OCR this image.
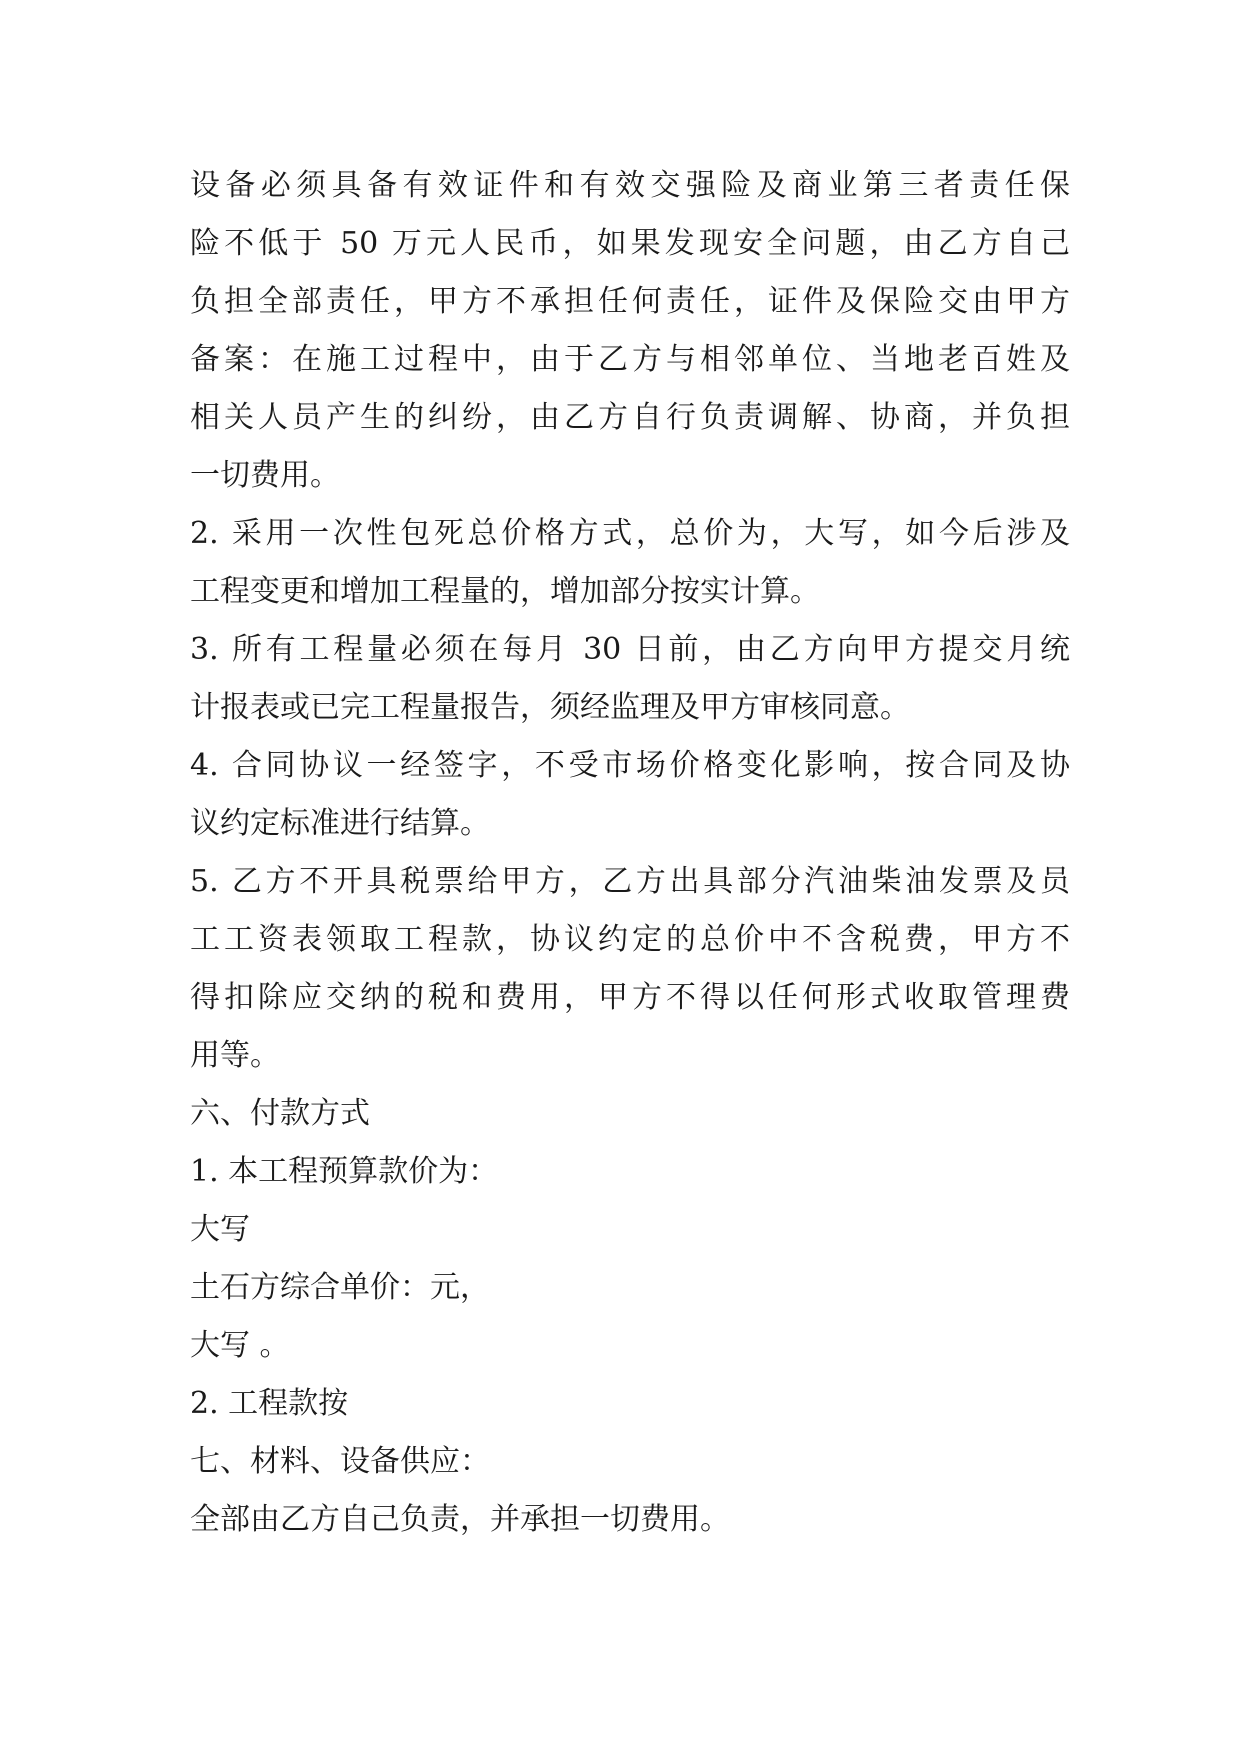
设备必须具备有效证件和有效交强险及商业第三者责任保
险不低于 50 万元人民币，如果发现安全问题，由乙方自己
负担全部责任，甲方不承担任何责任，证件及保险交由甲方
备案：在施工过程中，由于乙方与相邻单位、当地老百姓及
相关人员产生的纠纷，由乙方自行负责调解、协商，并负担
一切费用。
2. 采用一次性包死总价格方式，总价为，大写，如今后涉及
工程变更和增加工程量的，增加部分按实计算。
3. 所有工程量必须在每月 30 日前，由乙方向甲方提交月统
计报表或已完工程量报告，须经监理及甲方审核同意。
4. 合同协议一经签字，不受市场价格变化影响，按合同及协
议约定标准进行结算。
5. 乙方不开具税票给甲方，乙方出具部分汽油柴油发票及员
工工资表领取工程款，协议约定的总价中不含税费，甲方不
得扣除应交纳的税和费用，甲方不得以任何形式收取管理费
用等。
六、付款方式
1. 本工程预算款价为：
大写
土石方综合单价：元，
大写 。
2. 工程款按
七、材料、设备供应：
全部由乙方自己负责，并承担一切费用。
